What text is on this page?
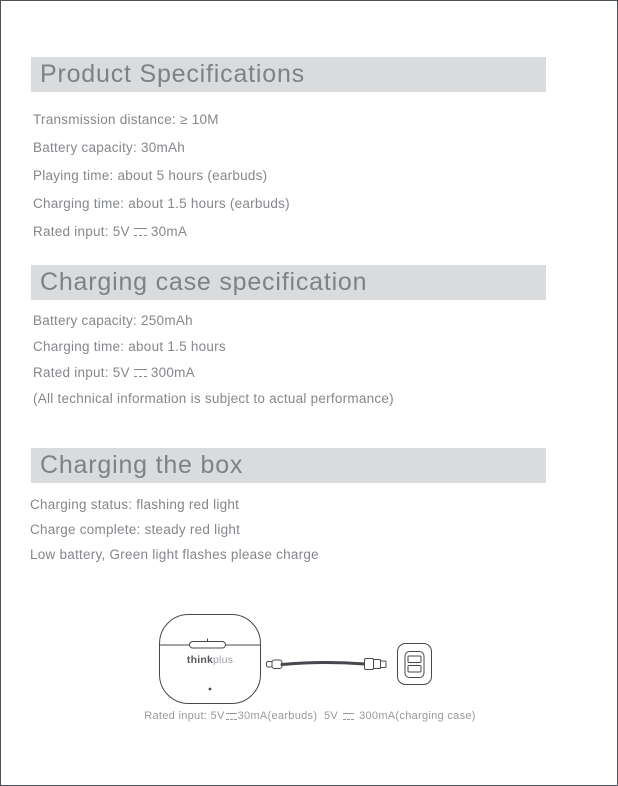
Product Specifications
Transmission distance: ≥ 10M
Battery capacity: 30mAh
Playing time: about 5 hours (earbuds)
Charging time: about 1.5 hours (earbuds)
Rated input: 5V 30mA
Charging case specification
Battery capacity: 250mAh
Charging time: about 1.5 hours
Rated input: 5V 300mA
(All technical information is subject to actual performance)
Charging the box
Charging status: flashing red light
Charge complete: steady red light
Low battery, Green light flashes please charge
thinkplus
Rated input: 5V 30mA(earbuds)  5V 300mA(charging case)
